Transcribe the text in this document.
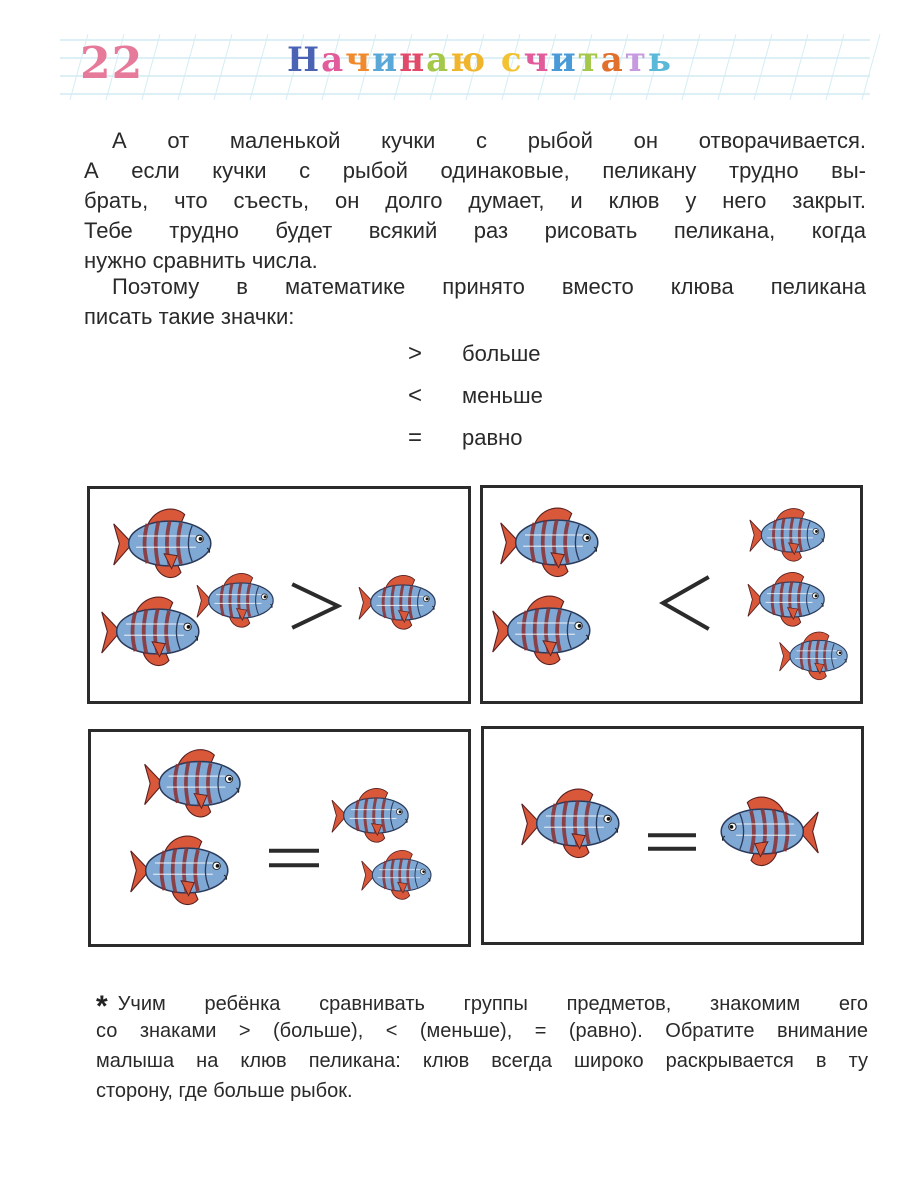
22	Начинаю считать
А от маленькой кучки с рыбой он отворачивается.
А если кучки с рыбой одинаковые, пеликану трудно вы-
брать, что съесть, он долго думает, и клюв у него закрыт.
Тебе трудно будет всякий раз рисовать пеликана, когда
нужно сравнить числа.
Поэтому в математике принято вместо клюва пеликана
писать такие значки:
>	больше
<	меньше
=	равно
* Учим ребёнка сравнивать группы предметов, знакомим его
со знаками > (больше), < (меньше), = (равно). Обратите внимание
малыша на клюв пеликана: клюв всегда широко раскрывается в ту
сторону, где больше рыбок.
